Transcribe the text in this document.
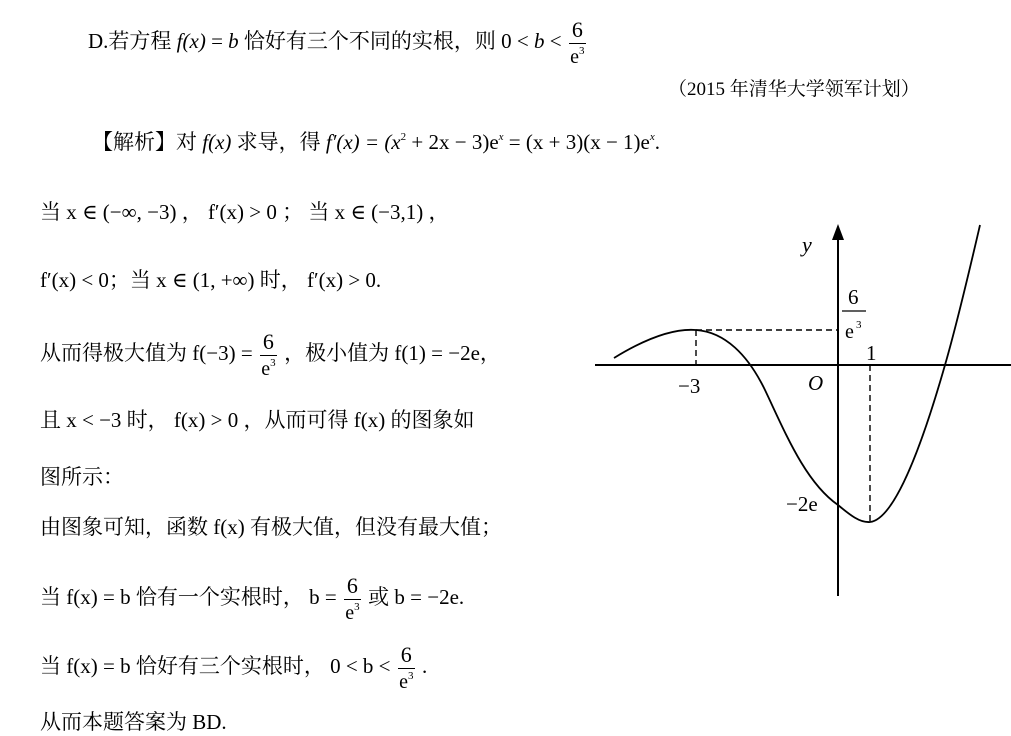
D.若方程 f(x) = b 恰好有三个不同的实根，则 $0 < b < \frac{6}{e^3}$
（2015 年清华大学领军计划）
【解析】对 f(x) 求导，得 $f'(x) = (x^2 + 2x - 3)e^x = (x + 3)(x - 1)e^x$.
当 x ∈ (−∞, −3) ， f′(x) > 0 ； 当 x ∈ (−3,1) ，
f′(x) < 0；当 x ∈ (1, +∞) 时， f′(x) > 0.
从而得极大值为 $f(-3) = \frac{6}{e^3}$ ，极小值为 f(1) = −2e，
且 x < −3 时， f(x) > 0 ，从而可得 f(x) 的图象如
图所示：
由图象可知，函数 f(x) 有极大值，但没有最大值；
当 f(x) = b 恰有一个实根时， $b = \frac{6}{e^3}$ 或 b = −2e.
当 f(x) = b 恰好有三个实根时， $0 < b < \frac{6}{e^3}$ .
从而本题答案为 BD.
y
O
−3
1
−2e
6
e 3
